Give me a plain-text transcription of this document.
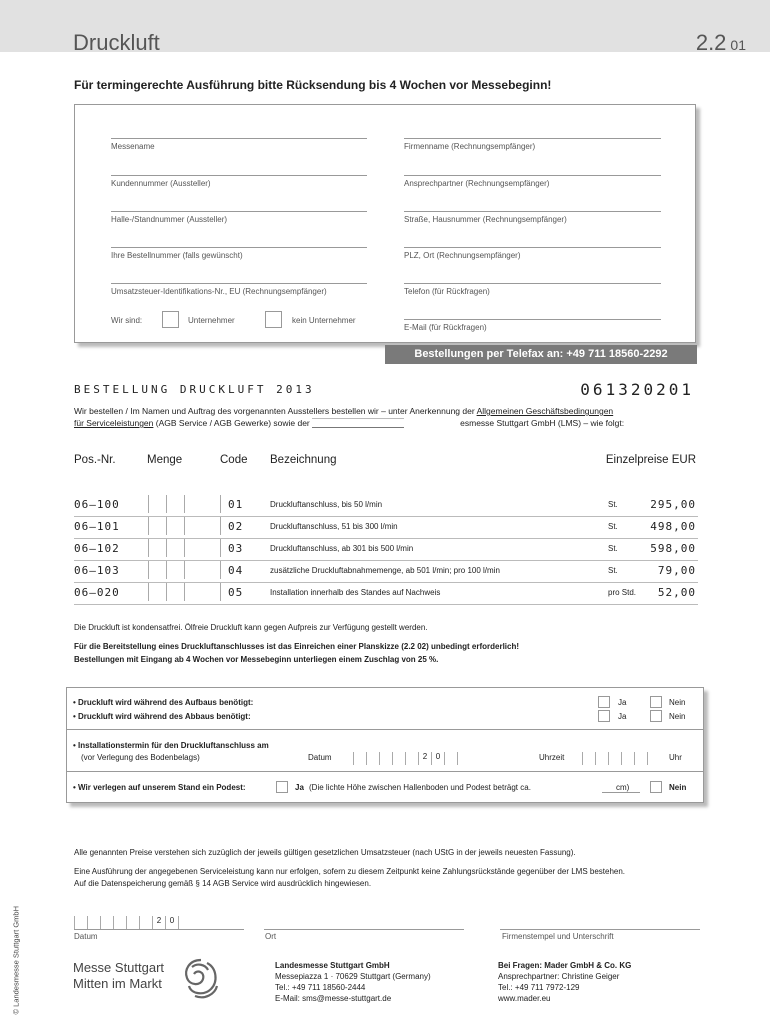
Druckluft	2.2 01
Für termingerechte Ausführung bitte Rücksendung bis 4 Wochen vor Messebeginn!
Messename
Kundennummer (Aussteller)
Halle-/Standnummer (Aussteller)
Ihre Bestellnummer (falls gewünscht)
Umsatzsteuer-Identifikations-Nr., EU (Rechnungsempfänger)
Wir sind:	Unternehmer	kein Unternehmer
Firmenname (Rechnungsempfänger)
Ansprechpartner (Rechnungsempfänger)
Straße, Hausnummer (Rechnungsempfänger)
PLZ, Ort (Rechnungsempfänger)
Telefon (für Rückfragen)
E-Mail (für Rückfragen)
Bestellungen per Telefax an: +49 711 18560-2292
BESTELLUNG DRUCKLUFT 2013	061320201
Wir bestellen / Im Namen und Auftrag des vorgenannten Ausstellers bestellen wir – unter Anerkennung der Allgemeinen Geschäftsbedingungen
für Serviceleistungen (AGB Service / AGB Gewerke) sowie der	esmesse Stuttgart GmbH (LMS) – wie folgt:
Pos.-Nr.	Menge	Code Bezeichnung	Einzelpreise EUR
06–100	01	Druckluftanschluss, bis 50 l/min	St.	295,00
06–101	02	Druckluftanschluss, 51 bis 300 l/min	St.	498,00
06–102	03	Druckluftanschluss, ab 301 bis 500 l/min	St.	598,00
06–103	04	zusätzliche Druckluftabnahmemenge, ab 501 l/min; pro 100 l/min	St.	79,00
06–020	05	Installation innerhalb des Standes auf Nachweis	pro Std. 52,00
Die Druckluft ist kondensatfrei. Ölfreie Druckluft kann gegen Aufpreis zur Verfügung gestellt werden.
Für die Bereitstellung eines Druckluftanschlusses ist das Einreichen einer Planskizze (2.2 02) unbedingt erforderlich!
Bestellungen mit Eingang ab 4 Wochen vor Messebeginn unterliegen einem Zuschlag von 25 %.
• Druckluft wird während des Aufbaus benötigt:
• Druckluft wird während des Abbaus benötigt:
Ja	Nein
Ja	Nein
• Installationstermin für den Druckluftanschluss am
(vor Verlegung des Bodenbelags)	Datum	2 0	Uhrzeit	Uhr
• Wir verlegen auf unserem Stand ein Podest:	Ja (Die lichte Höhe zwischen Hallenboden und Podest beträgt ca.	cm)	Nein
Alle genannten Preise verstehen sich zuzüglich der jeweils gültigen gesetzlichen Umsatzsteuer (nach UStG in der jeweils neuesten Fassung).
Eine Ausführung der angegebenen Serviceleistung kann nur erfolgen, sofern zu diesem Zeitpunkt keine Zahlungsrückstände gegenüber der LMS bestehen.
Auf die Datenspeicherung gemäß § 14 AGB Service wird ausdrücklich hingewiesen.
2 0
Datum	Ort	Firmenstempel und Unterschrift
© Landesmesse Stuttgart GmbH	Messe Stuttgart
Mitten im Markt
Landesmesse Stuttgart GmbH
Messepiazza 1 · 70629 Stuttgart (Germany)
Tel.: +49 711 18560-2444
E-Mail: sms@messe-stuttgart.de
Bei Fragen: Mader GmbH & Co. KG
Ansprechpartner: Christine Geiger
Tel.: +49 711 7972-129
www.mader.eu
